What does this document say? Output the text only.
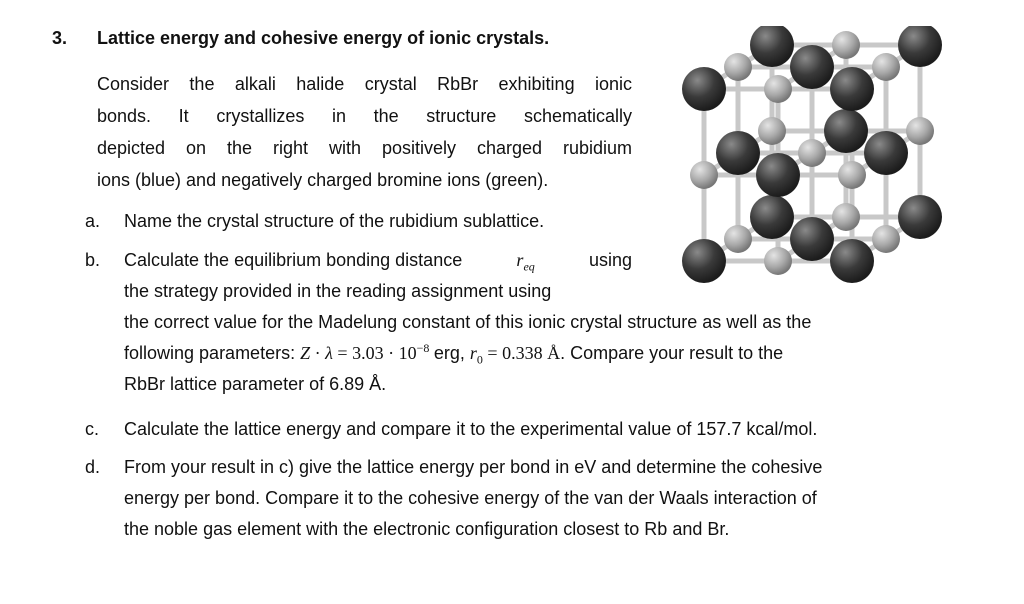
3. Lattice energy and cohesive energy of ionic crystals.

Consider the alkali halide crystal RbBr exhibiting ionic

bonds. It crystallizes in the structure schematically

depicted on the right with positively charged rubidium

ions (blue) and negatively charged bromine ions (green).

a. Name the crystal structure of the rubidium sublattice.
b. Calculate the equilibrium bonding distance	$r_{eq}$	using
the strategy provided in the reading assignment using
the correct value for the Madelung constant of this ionic crystal structure as well as the
following parameters: $Z \cdot \lambda = 3.03 \cdot 10^{-8}$ erg, $r_0 = 0.338$ Å. Compare your result to the
RbBr lattice parameter of 6.89 Å.
c. Calculate the lattice energy and compare it to the experimental value of 157.7 kcal/mol.
d. From your result in c) give the lattice energy per bond in eV and determine the cohesive
energy per bond. Compare it to the cohesive energy of the van der Waals interaction of
the noble gas element with the electronic configuration closest to Rb and Br.
